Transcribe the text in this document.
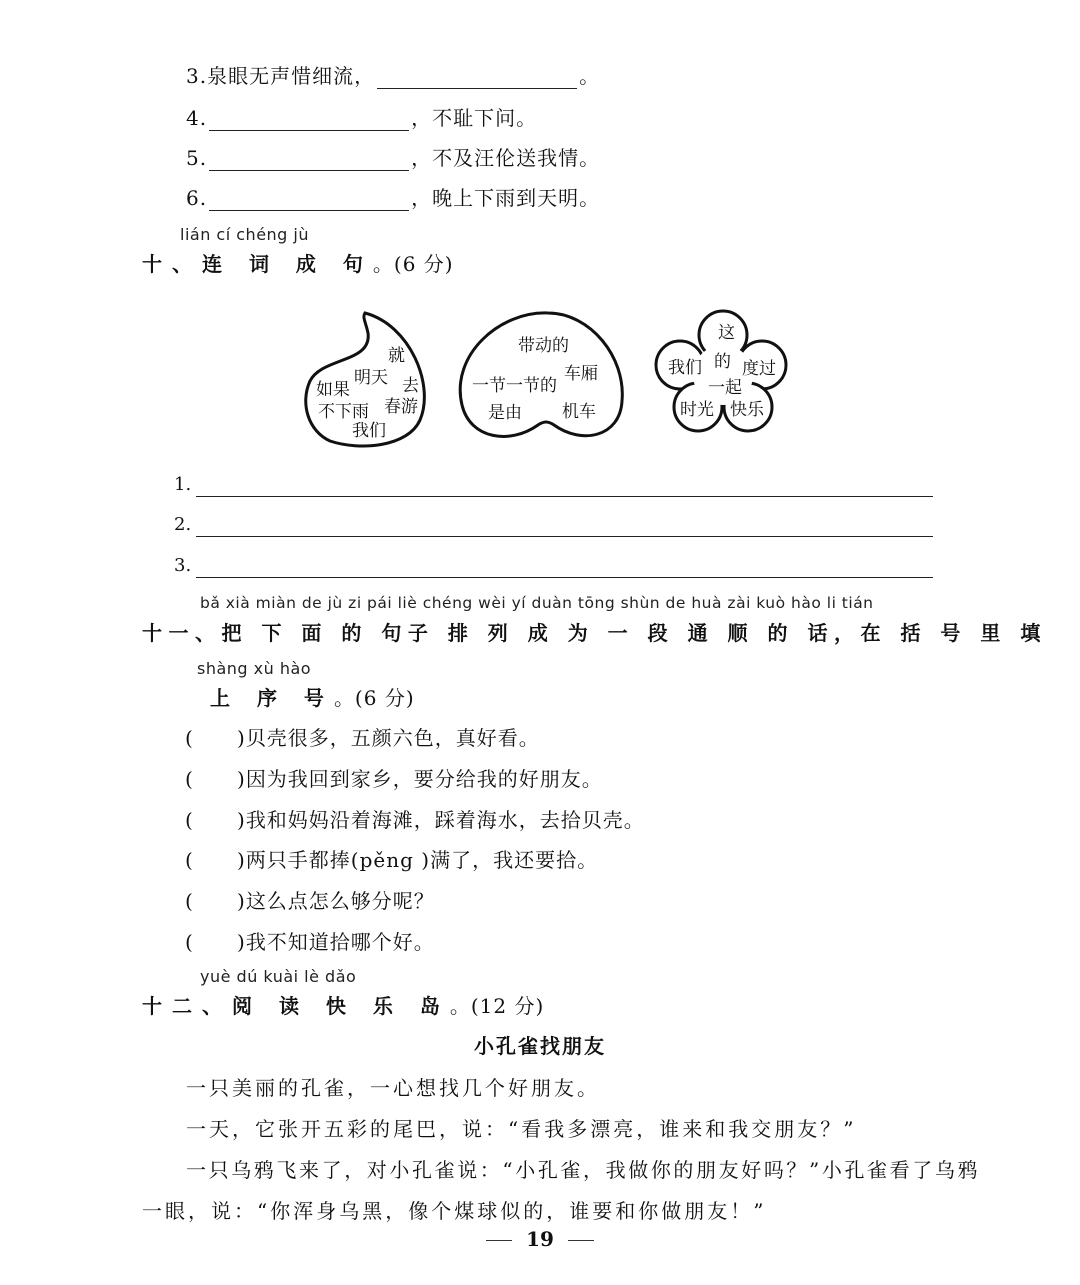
3.泉眼无声惜细流，	。
4.	，不耻下问。
5.	，不及汪伦送我情。
6.	，晚上下雨到天明。
lián cí chéng jù
十、连 词 成 句。(6 分)
就
明天
如果	去
不下雨 春游
我们
带动的
车厢
一节一节的
是由 机车
这
我们 的 度过
一起
时光 快乐
1.
2.
3.
bǎ xià miàn de jù zi pái liè chéng wèi yí duàn tōng shùn de huà zài kuò hào li tián
十一、把 下 面 的 句子 排 列 成 为 一 段 通 顺 的 话，在 括 号 里 填
shàng xù hào
上 序 号。(6 分)
( )贝壳很多，五颜六色，真好看。
( )因为我回到家乡，要分给我的好朋友。
( )我和妈妈沿着海滩，踩着海水，去拾贝壳。
( )两只手都捧(pěng )满了，我还要拾。
( )这么点怎么够分呢？
( )我不知道拾哪个好。
yuè dú kuài lè dǎo
十二、阅 读 快 乐 岛。(12 分)
小孔雀找朋友
一只美丽的孔雀，一心想找几个好朋友。
一天，它张开五彩的尾巴，说：“看我多漂亮，谁来和我交朋友？”
一只乌鸦飞来了，对小孔雀说：“小孔雀，我做你的朋友好吗？”小孔雀看了乌鸦
一眼，说：“你浑身乌黑，像个煤球似的，谁要和你做朋友！”
19
